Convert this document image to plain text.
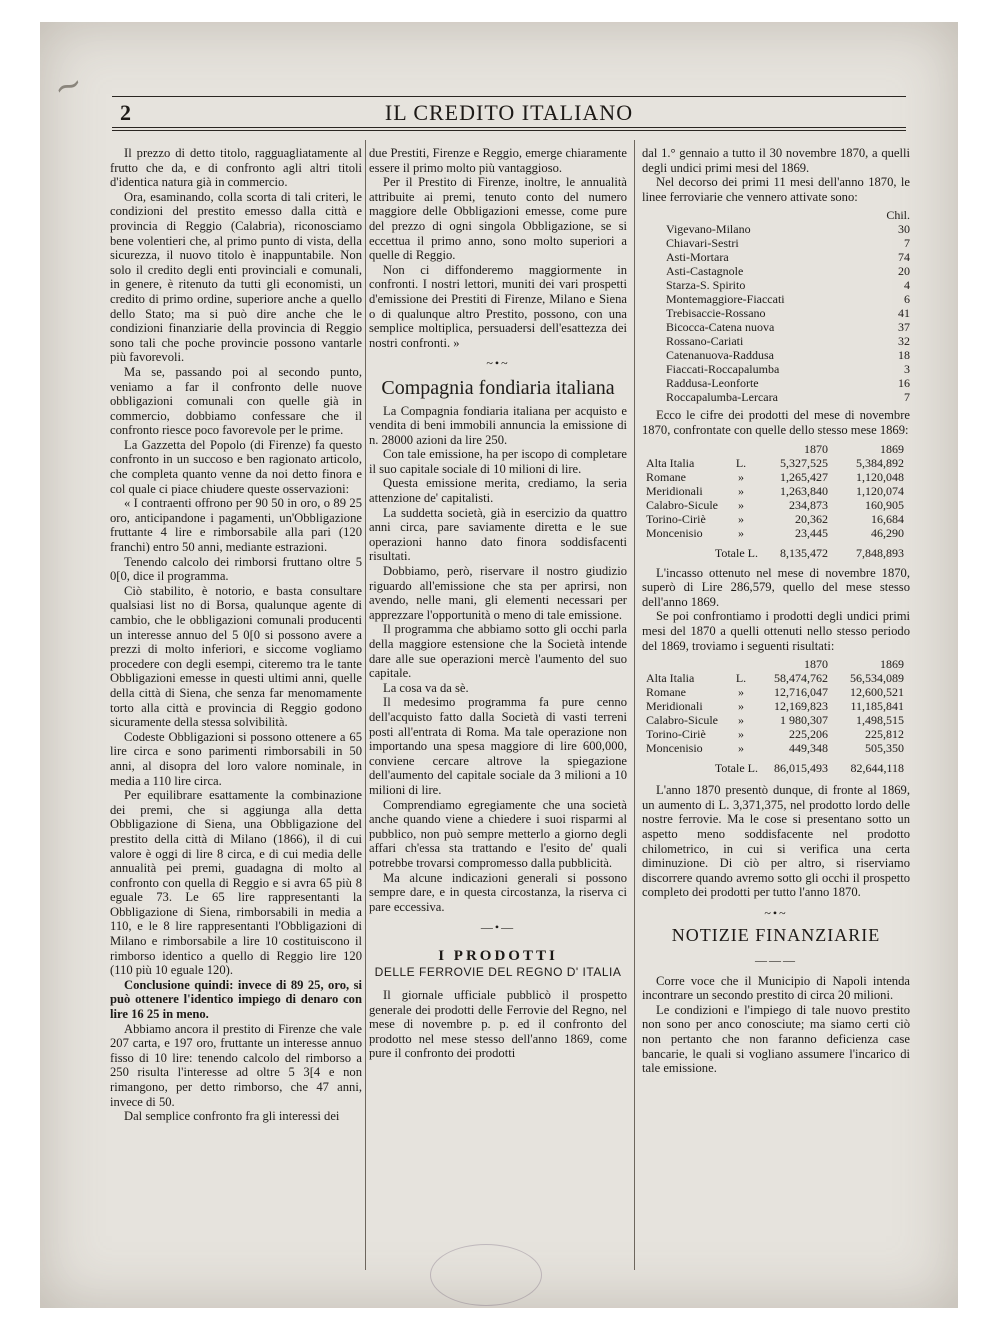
~
2	IL CREDITO ITALIANO

Il prezzo di detto titolo, ragguagliatamente al frutto che da, e di confronto agli altri titoli d'identica natura già in commercio.

Ora, esaminando, colla scorta di tali criteri, le condizioni del prestito emesso dalla città e provincia di Reggio (Calabria), riconosciamo bene volentieri che, al primo punto di vista, della sicurezza, il nuovo titolo è inappuntabile. Non solo il credito degli enti provinciali e comunali, in genere, è ritenuto da tutti gli economisti, un credito di primo ordine, superiore anche a quello dello Stato; ma si può dire anche che le condizioni finanziarie della provincia di Reggio sono tali che poche provincie possono vantarle più favorevoli.

Ma se, passando poi al secondo punto, veniamo a far il confronto delle nuove obbligazioni comunali con quelle già in commercio, dobbiamo confessare che il confronto riesce poco favorevole per le prime.

La Gazzetta del Popolo (di Firenze) fa questo confronto in un succoso e ben ragionato articolo, che completa quanto venne da noi detto finora e col quale ci piace chiudere queste osservazioni:

« I contraenti offrono per 90 50 in oro, o 89 25 oro, anticipandone i pagamenti, un'Obbligazione fruttante 4 lire e rimborsabile alla pari (120 franchi) entro 50 anni, mediante estrazioni.

Tenendo calcolo dei rimborsi fruttano oltre 5 0[0, dice il programma.

Ciò stabilito, è notorio, e basta consultare qualsiasi list no di Borsa, qualunque agente di cambio, che le obbligazioni comunali producenti un interesse annuo del 5 0[0 si possono avere a prezzi di molto inferiori, e siccome vogliamo procedere con degli esempi, citeremo tra le tante Obbligazioni emesse in questi ultimi anni, quelle della città di Siena, che senza far menomamente torto alla città e provincia di Reggio godono sicuramente della stessa solvibilità.

Codeste Obbligazioni si possono ottenere a 65 lire circa e sono parimenti rimborsabili in 50 anni, al disopra del loro valore nominale, in media a 110 lire circa.

Per equilibrare esattamente la combinazione dei premi, che si aggiunga alla detta Obbligazione di Siena, una Obbligazione del prestito della città di Milano (1866), il di cui valore è oggi di lire 8 circa, e di cui media delle annualità pei premi, guadagna di molto al confronto con quella di Reggio e si avra 65 più 8 eguale 73. Le 65 lire rappresentanti la Obbligazione di Siena, rimborsabili in media a 110, e le 8 lire rappresentanti l'Obbligazioni di Milano e rimborsabile a lire 10 costituiscono il rimborso identico a quello di Reggio lire 120 (110 più 10 eguale 120).

Conclusione quindi: invece di 89 25, oro, si può ottenere l'identico impiego di denaro con lire 16 25 in meno.

Abbiamo ancora il prestito di Firenze che vale 207 carta, e 197 oro, fruttante un interesse annuo fisso di 10 lire: tenendo calcolo del rimborso a 250 risulta l'interesse ad oltre 5 3[4 e non rimangono, per detto rimborso, che 47 anni, invece di 50.

Dal semplice confronto fra gli interessi dei

due Prestiti, Firenze e Reggio, emerge chiaramente essere il primo molto più vantaggioso.

Per il Prestito di Firenze, inoltre, le annualità attribuite ai premi, tenuto conto del numero maggiore delle Obbligazioni emesse, come pure del prezzo di ogni singola Obbligazione, se si eccettua il primo anno, sono molto superiori a quelle di Reggio.

Non ci diffonderemo maggiormente in confronti. I nostri lettori, muniti dei vari prospetti d'emissione dei Prestiti di Firenze, Milano e Siena o di qualunque altro Prestito, possono, con una semplice moltiplica, persuadersi dell'esattezza dei nostri confronti. »

~•~
Compagnia fondiaria italiana

La Compagnia fondiaria italiana per acquisto e vendita di beni immobili annuncia la emissione di n. 28000 azioni da lire 250.

Con tale emissione, ha per iscopo di completare il suo capitale sociale di 10 milioni di lire.

Questa emissione merita, crediamo, la seria attenzione de' capitalisti.

La suddetta società, già in esercizio da quattro anni circa, pare saviamente diretta e le sue operazioni hanno dato finora soddisfacenti risultati.

Dobbiamo, però, riservare il nostro giudizio riguardo all'emissione che sta per aprirsi, non avendo, nelle mani, gli elementi necessari per apprezzare l'opportunità o meno di tale emissione.

Il programma che abbiamo sotto gli occhi parla della maggiore estensione che la Società intende dare alle sue operazioni mercè l'aumento del suo capitale.

La cosa va da sè.

Il medesimo programma fa pure cenno dell'acquisto fatto dalla Società di vasti terreni posti all'entrata di Roma. Ma tale operazione non importando una spesa maggiore di lire 600,000, conviene cercare altrove la spiegazione dell'aumento del capitale sociale da 3 milioni a 10 milioni di lire.

Comprendiamo egregiamente che una società anche quando viene a chiedere i suoi risparmi al pubblico, non può sempre metterlo a giorno degli affari ch'essa sta trattando e l'esito de' quali potrebbe trovarsi compromesso dalla pubblicità.

Ma alcune indicazioni generali si possono sempre dare, e in questa circostanza, la riserva ci pare eccessiva.

—•—
I PRODOTTI
DELLE FERROVIE DEL REGNO D' ITALIA

Il giornale ufficiale pubblicò il prospetto generale dei prodotti delle Ferrovie del Regno, nel mese di novembre p. p. ed il confronto del prodotto nel mese stesso dell'anno 1869, come pure il confronto dei prodotti

dal 1.° gennaio a tutto il 30 novembre 1870, a quelli degli undici primi mesi del 1869.

Nel decorso dei primi 11 mesi dell'anno 1870, le linee ferroviarie che vennero attivate sono:

	Chil.
Vigevano-Milano	30
Chiavari-Sestri	7
Asti-Mortara	74
Asti-Castagnole	20
Starza-S. Spirito	4
Montemaggiore-Fiaccati	6
Trebisaccie-Rossano	41
Bicocca-Catena nuova	37
Rossano-Cariati	32
Catenanuova-Raddusa	18
Fiaccati-Roccapalumba	3
Raddusa-Leonforte	16
Roccapalumba-Lercara	7

Ecco le cifre dei prodotti del mese di novembre 1870, confrontate con quelle dello stesso mese 1869:

		1870	1869
Alta Italia	L.	5,327,525	5,384,892
Romane	»	1,265,427	1,120,048
Meridionali	»	1,263,840	1,120,074
Calabro-Sicule	»	234,873	160,905
Torino-Ciriè	»	20,362	16,684
Moncenisio	»	23,445	46,290
Totale L.		8,135,472	7,848,893

L'incasso ottenuto nel mese di novembre 1870, superò di Lire 286,579, quello del mese stesso dell'anno 1869.

Se poi confrontiamo i prodotti degli undici primi mesi del 1870 a quelli ottenuti nello stesso periodo del 1869, troviamo i seguenti risultati:

		1870	1869
Alta Italia	L.	58,474,762	56,534,089
Romane	»	12,716,047	12,600,521
Meridionali	»	12,169,823	11,185,841
Calabro-Sicule	»	1 980,307	1,498,515
Torino-Ciriè	»	225,206	225,812
Moncenisio	»	449,348	505,350
Totale L.		86,015,493	82,644,118

L'anno 1870 presentò dunque, di fronte al 1869, un aumento di L. 3,371,375, nel prodotto lordo delle nostre ferrovie. Ma le cose si presentano sotto un aspetto meno soddisfacente nel prodotto chilometrico, in cui si verifica una certa diminuzione. Di ciò per altro, si riserviamo discorrere quando avremo sotto gli occhi il prospetto completo dei prodotti per tutto l'anno 1870.

~•~
NOTIZIE FINANZIARIE
———

Corre voce che il Municipio di Napoli intenda incontrare un secondo prestito di circa 20 milioni.

Le condizioni e l'impiego di tale nuovo prestito non sono per anco conosciute; ma siamo certi ciò non pertanto che non faranno deficienza case bancarie, le quali si vogliano assumere l'incarico di tale emissione.
